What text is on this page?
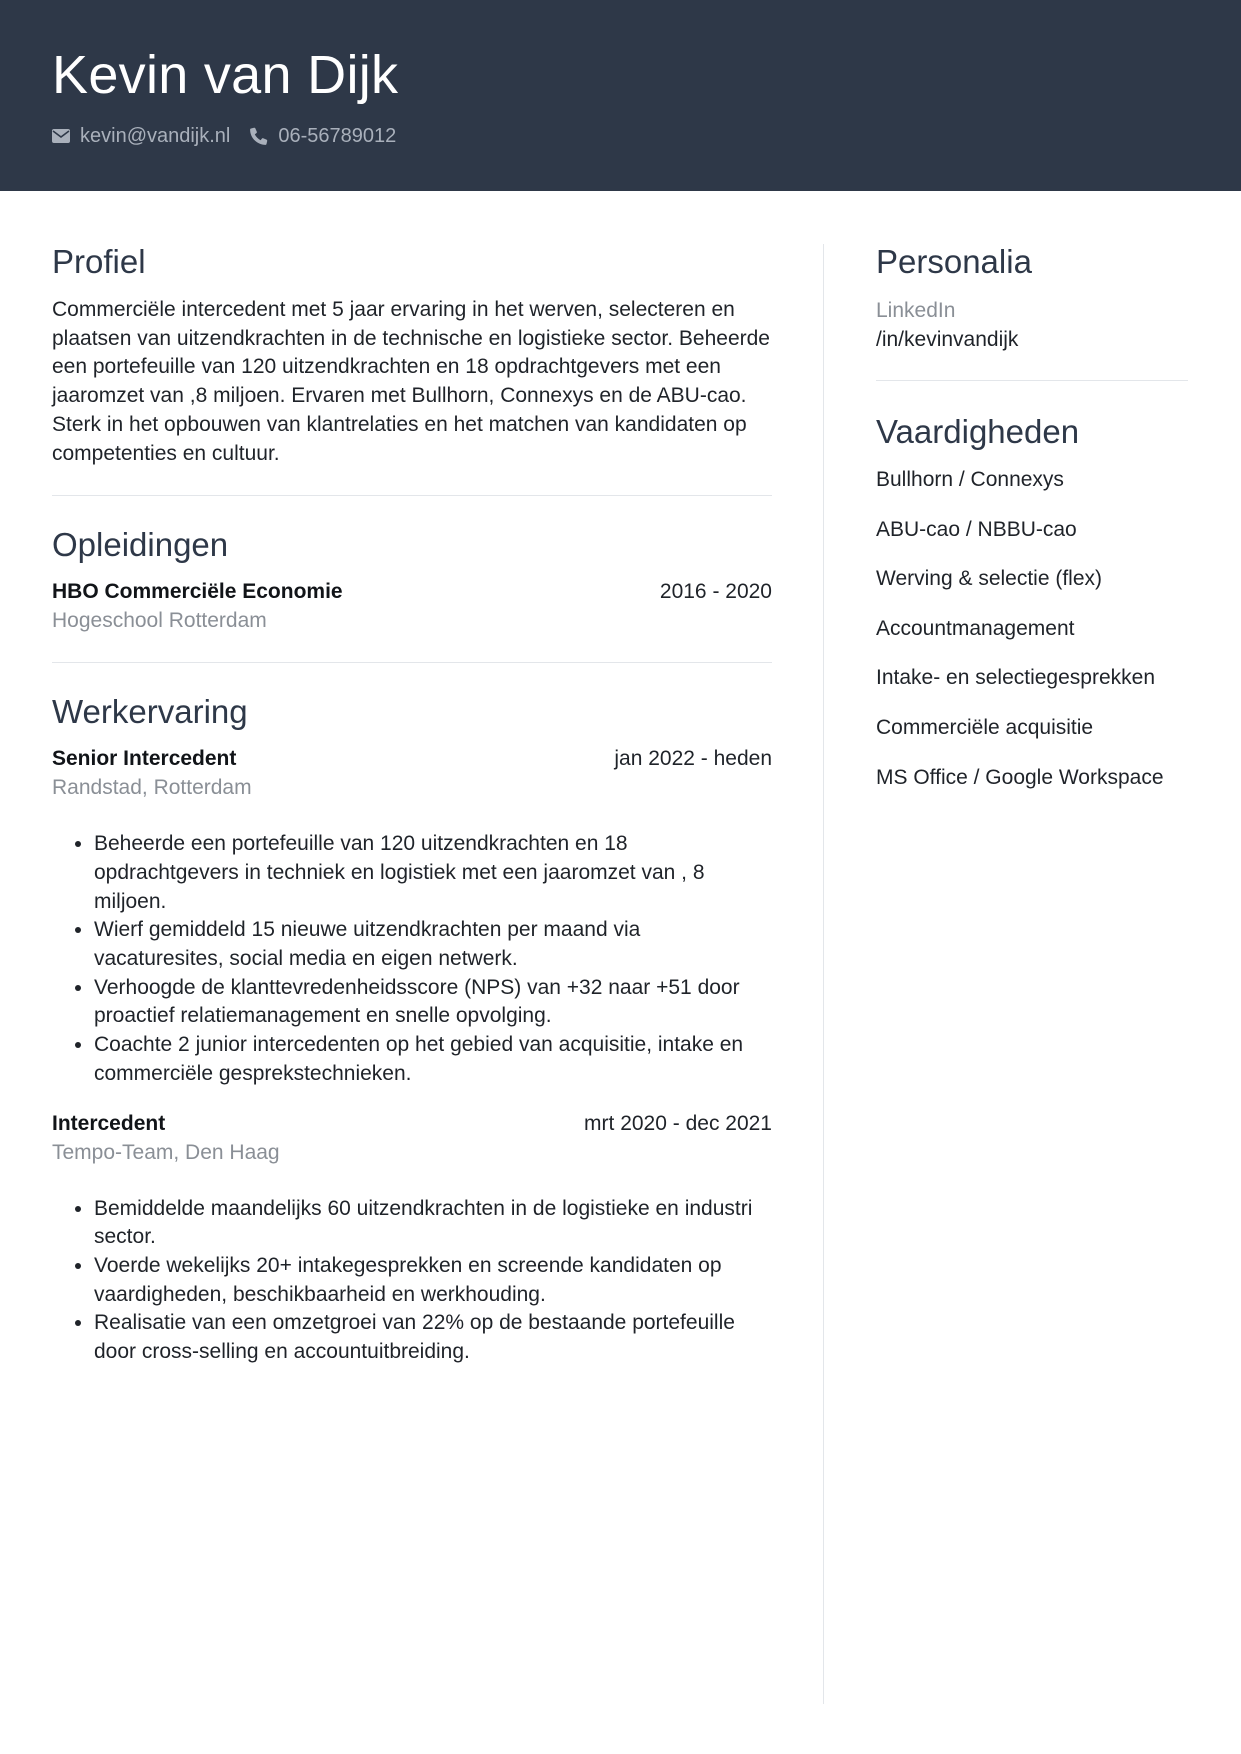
Kevin van Dijk
kevin@vandijk.nl 06-56789012
Profiel
Commerciële intercedent met 5 jaar ervaring in het werven, selecteren en plaatsen van uitzendkrachten in de technische en logistieke sector. Beheerde een portefeuille van 120 uitzendkrachten en 18 opdrachtgevers met een jaaromzet van ,8 miljoen. Ervaren met Bullhorn, Connexys en de ABU-cao. Sterk in het opbouwen van klantrelaties en het matchen van kandidaten op competenties en cultuur.
Opleidingen
HBO Commerciële Economie	2016 - 2020
Hogeschool Rotterdam
Werkervaring
Senior Intercedent	jan 2022 - heden
Randstad, Rotterdam
• Beheerde een portefeuille van 120 uitzendkrachten en 18 opdrachtgevers in techniek en logistiek met een jaaromzet van , 8 miljoen.
• Wierf gemiddeld 15 nieuwe uitzendkrachten per maand via vacaturesites, social media en eigen netwerk.
• Verhoogde de klanttevredenheidsscore (NPS) van +32 naar +51 door proactief relatiemanagement en snelle opvolging.
• Coachte 2 junior intercedenten op het gebied van acquisitie, intake en commerciële gesprekstechnieken.
Intercedent	mrt 2020 - dec 2021
Tempo-Team, Den Haag
• Bemiddelde maandelijks 60 uitzendkrachten in de logistieke en industri sector.
• Voerde wekelijks 20+ intakegesprekken en screende kandidaten op vaardigheden, beschikbaarheid en werkhouding.
• Realisatie van een omzetgroei van 22% op de bestaande portefeuille door cross-selling en accountuitbreiding.
Personalia
LinkedIn
/in/kevinvandijk
Vaardigheden
Bullhorn / Connexys
ABU-cao / NBBU-cao
Werving & selectie (flex)
Accountmanagement
Intake- en selectiegesprekken
Commerciële acquisitie
MS Office / Google Workspace
